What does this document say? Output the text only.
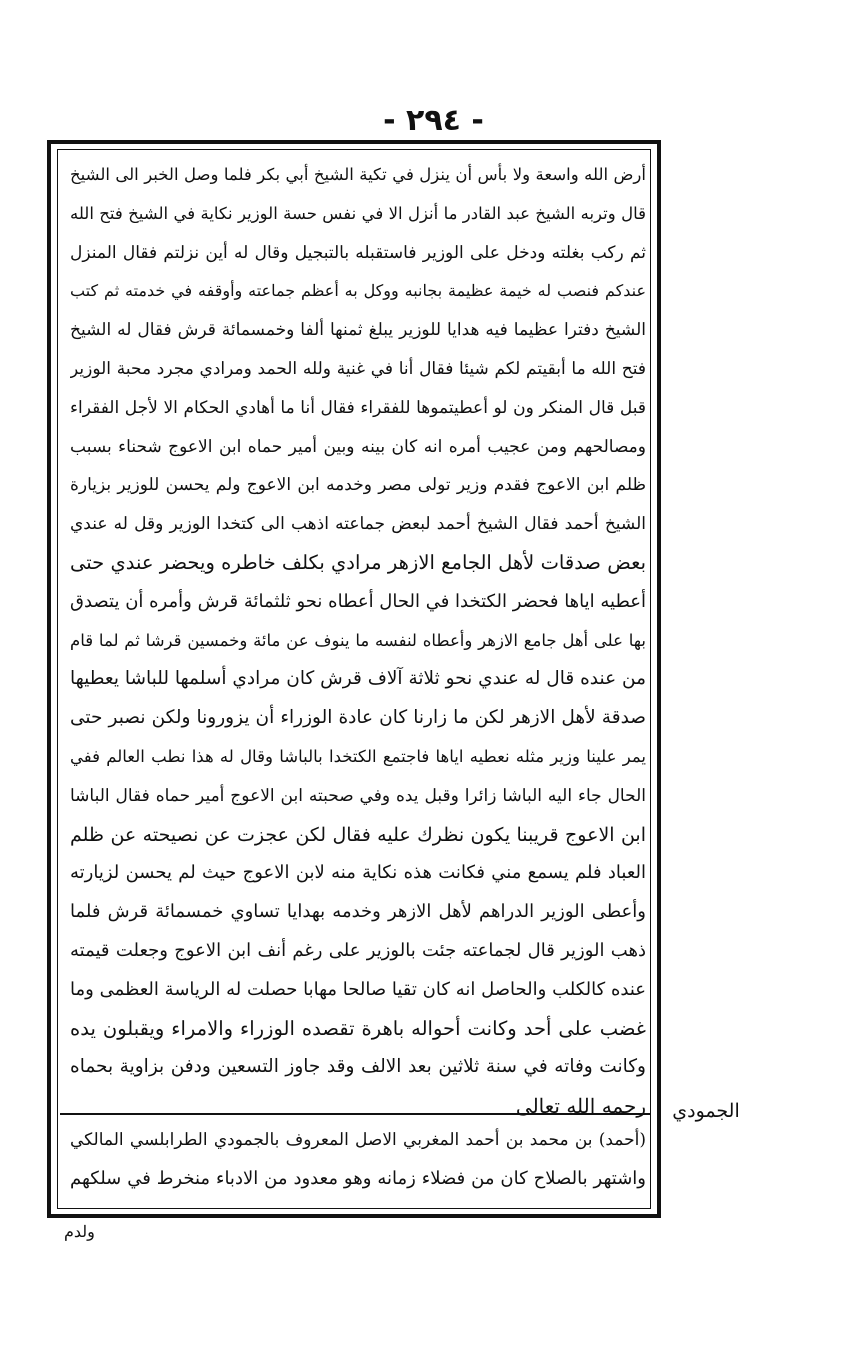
- ٢٩٤ -
أرض الله واسعة ولا بأس أن ينزل في تكية الشيخ أبي بكر فلما وصل الخبر الى الشيخ
قال وتربه الشيخ عبد القادر ما أنزل الا في نفس حسة الوزير نكاية في الشيخ فتح الله
ثم ركب بغلته ودخل على الوزير فاستقبله بالتبجيل وقال له أين نزلتم فقال المنزل
عندكم فنصب له خيمة عظيمة بجانبه ووكل به أعظم جماعته وأوقفه في خدمته ثم كتب
الشيخ دفترا عظيما فيه هدايا للوزير يبلغ ثمنها ألفا وخمسمائة قرش فقال له الشيخ
فتح الله ما أبقيتم لكم شيئا فقال أنا في غنية ولله الحمد ومرادي مجرد محبة الوزير
قبل قال المنكر ون لو أعطيتموها للفقراء فقال أنا ما أهادي الحكام الا لأجل الفقراء
ومصالحهم ومن عجيب أمره انه كان بينه وبين أمير حماه ابن الاعوج شحناء بسبب
ظلم ابن الاعوج فقدم وزير تولى مصر وخدمه ابن الاعوج ولم يحسن للوزير بزيارة
الشيخ أحمد فقال الشيخ أحمد لبعض جماعته اذهب الى كتخدا الوزير وقل له عندي
بعض صدقات لأهل الجامع الازهر مرادي بكلف خاطره ويحضر عندي حتى
أعطيه اياها فحضر الكتخدا في الحال أعطاه نحو ثلثمائة قرش وأمره أن يتصدق
بها على أهل جامع الازهر وأعطاه لنفسه ما ينوف عن مائة وخمسين قرشا ثم لما قام
من عنده قال له عندي نحو ثلاثة آلاف قرش كان مرادي أسلمها للباشا يعطيها
صدقة لأهل الازهر لكن ما زارنا كان عادة الوزراء أن يزورونا ولكن نصبر حتى
يمر علينا وزير مثله نعطيه اياها فاجتمع الكتخدا بالباشا وقال له هذا نطب العالم ففي
الحال جاء اليه الباشا زائرا وقبل يده وفي صحبته ابن الاعوج أمير حماه فقال الباشا
ابن الاعوج قريبنا يكون نظرك عليه فقال لكن عجزت عن نصيحته عن ظلم
العباد فلم يسمع مني فكانت هذه نكاية منه لابن الاعوج حيث لم يحسن لزيارته
وأعطى الوزير الدراهم لأهل الازهر وخدمه بهدايا تساوي خمسمائة قرش فلما
ذهب الوزير قال لجماعته جئت بالوزير على رغم أنف ابن الاعوج وجعلت قيمته
عنده كالكلب والحاصل انه كان تقيا صالحا مهابا حصلت له الرياسة العظمى وما
غضب على أحد وكانت أحواله باهرة تقصده الوزراء والامراء ويقبلون يده
وكانت وفاته في سنة ثلاثين بعد الالف وقد جاوز التسعين ودفن بزاوية بحماه
رحمه الله تعالى الجمودي
(أحمد) بن محمد بن أحمد المغربي الاصل المعروف بالجمودي الطرابلسي المالكي
واشتهر بالصلاح كان من فضلاء زمانه وهو معدود من الادباء منخرط في سلكهم
ولدم
